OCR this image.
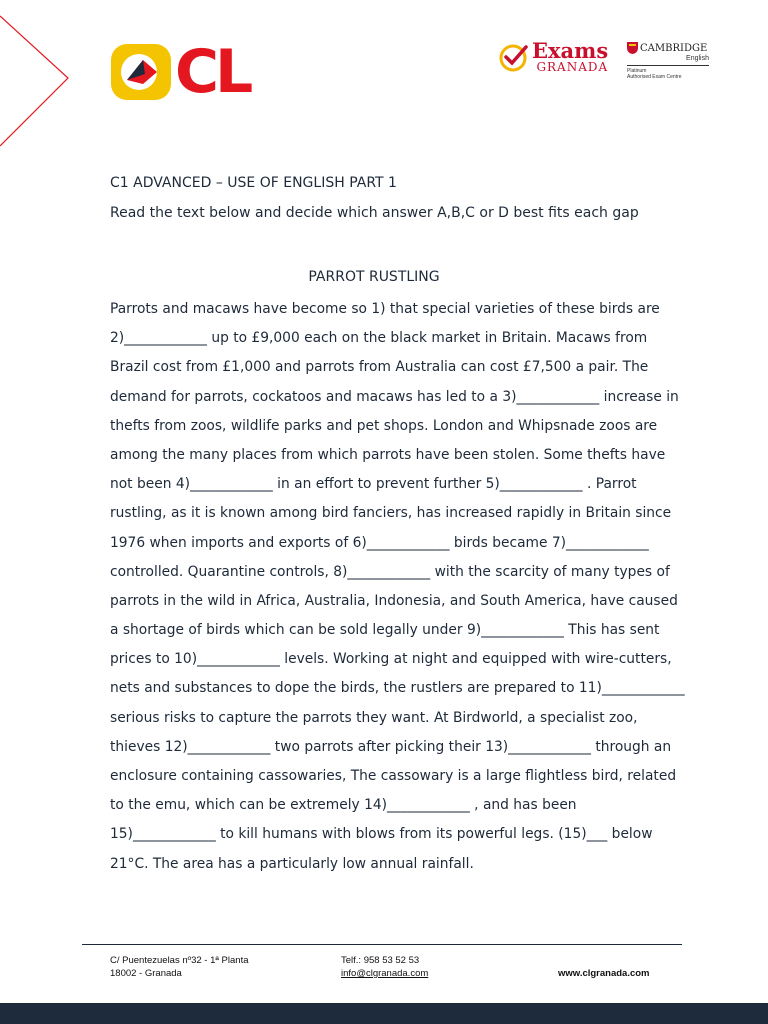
CL	Exams
GRANADA
CAMBRIDGE
English
Platinum
Authorised Exam Centre
C1 ADVANCED – USE OF ENGLISH PART 1
Read the text below and decide which answer A,B,C or D best fits each gap
PARROT RUSTLING
Parrots and macaws have become so 1) that special varieties of these birds are
2)____________ up to £9,000 each on the black market in Britain. Macaws from
Brazil cost from £1,000 and parrots from Australia can cost £7,500 a pair. The
demand for parrots, cockatoos and macaws has led to a 3)____________ increase in
thefts from zoos, wildlife parks and pet shops. London and Whipsnade zoos are
among the many places from which parrots have been stolen. Some thefts have
not been 4)____________ in an effort to prevent further 5)____________ . Parrot
rustling, as it is known among bird fanciers, has increased rapidly in Britain since
1976 when imports and exports of 6)____________ birds became 7)____________
controlled. Quarantine controls, 8)____________ with the scarcity of many types of
parrots in the wild in Africa, Australia, Indonesia, and South America, have caused
a shortage of birds which can be sold legally under 9)____________ This has sent
prices to 10)____________ levels. Working at night and equipped with wire-cutters,
nets and substances to dope the birds, the rustlers are prepared to 11)____________
serious risks to capture the parrots they want. At Birdworld, a specialist zoo,
thieves 12)____________ two parrots after picking their 13)____________ through an
enclosure containing cassowaries, The cassowary is a large flightless bird, related
to the emu, which can be extremely 14)____________ , and has been
15)____________ to kill humans with blows from its powerful legs. (15)___ below
21°C. The area has a particularly low annual rainfall.
C/ Puentezuelas nº32 - 1ª Planta
18002 - Granada
Telf.: 958 53 52 53
info@clgranada.com	www.clgranada.com
